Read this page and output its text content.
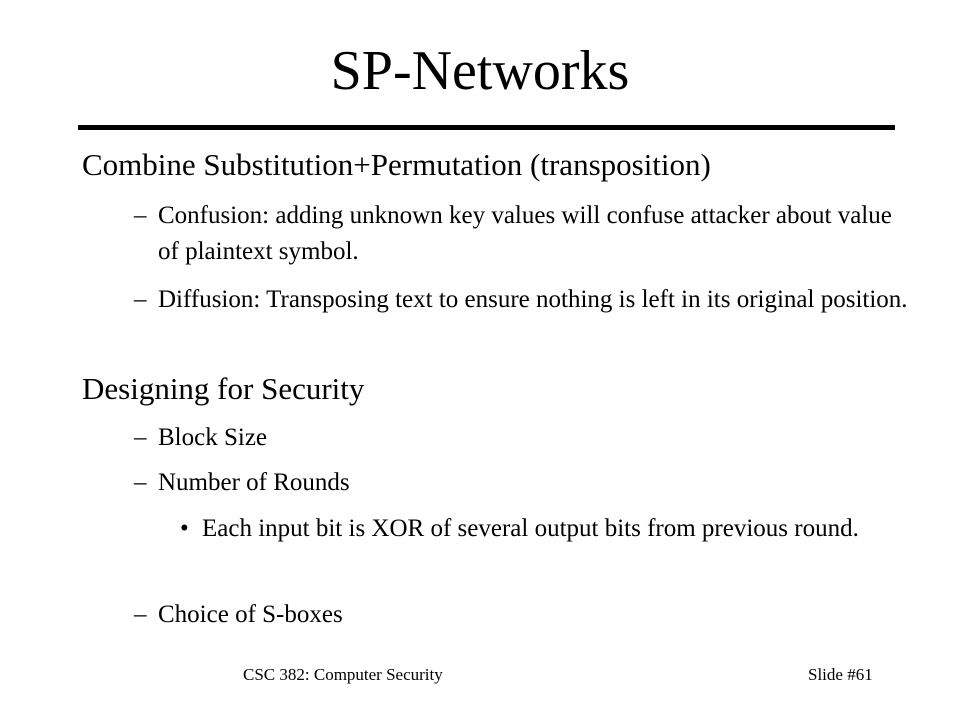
SP-Networks
Combine Substitution+Permutation (transposition)
– Confusion: adding unknown key values will confuse attacker about value of plaintext symbol.
– Diffusion: Transposing text to ensure nothing is left in its original position.
Designing for Security
– Block Size
– Number of Rounds
• Each input bit is XOR of several output bits from previous round.
– Choice of S-boxes
CSC 382: Computer Security	Slide #61
